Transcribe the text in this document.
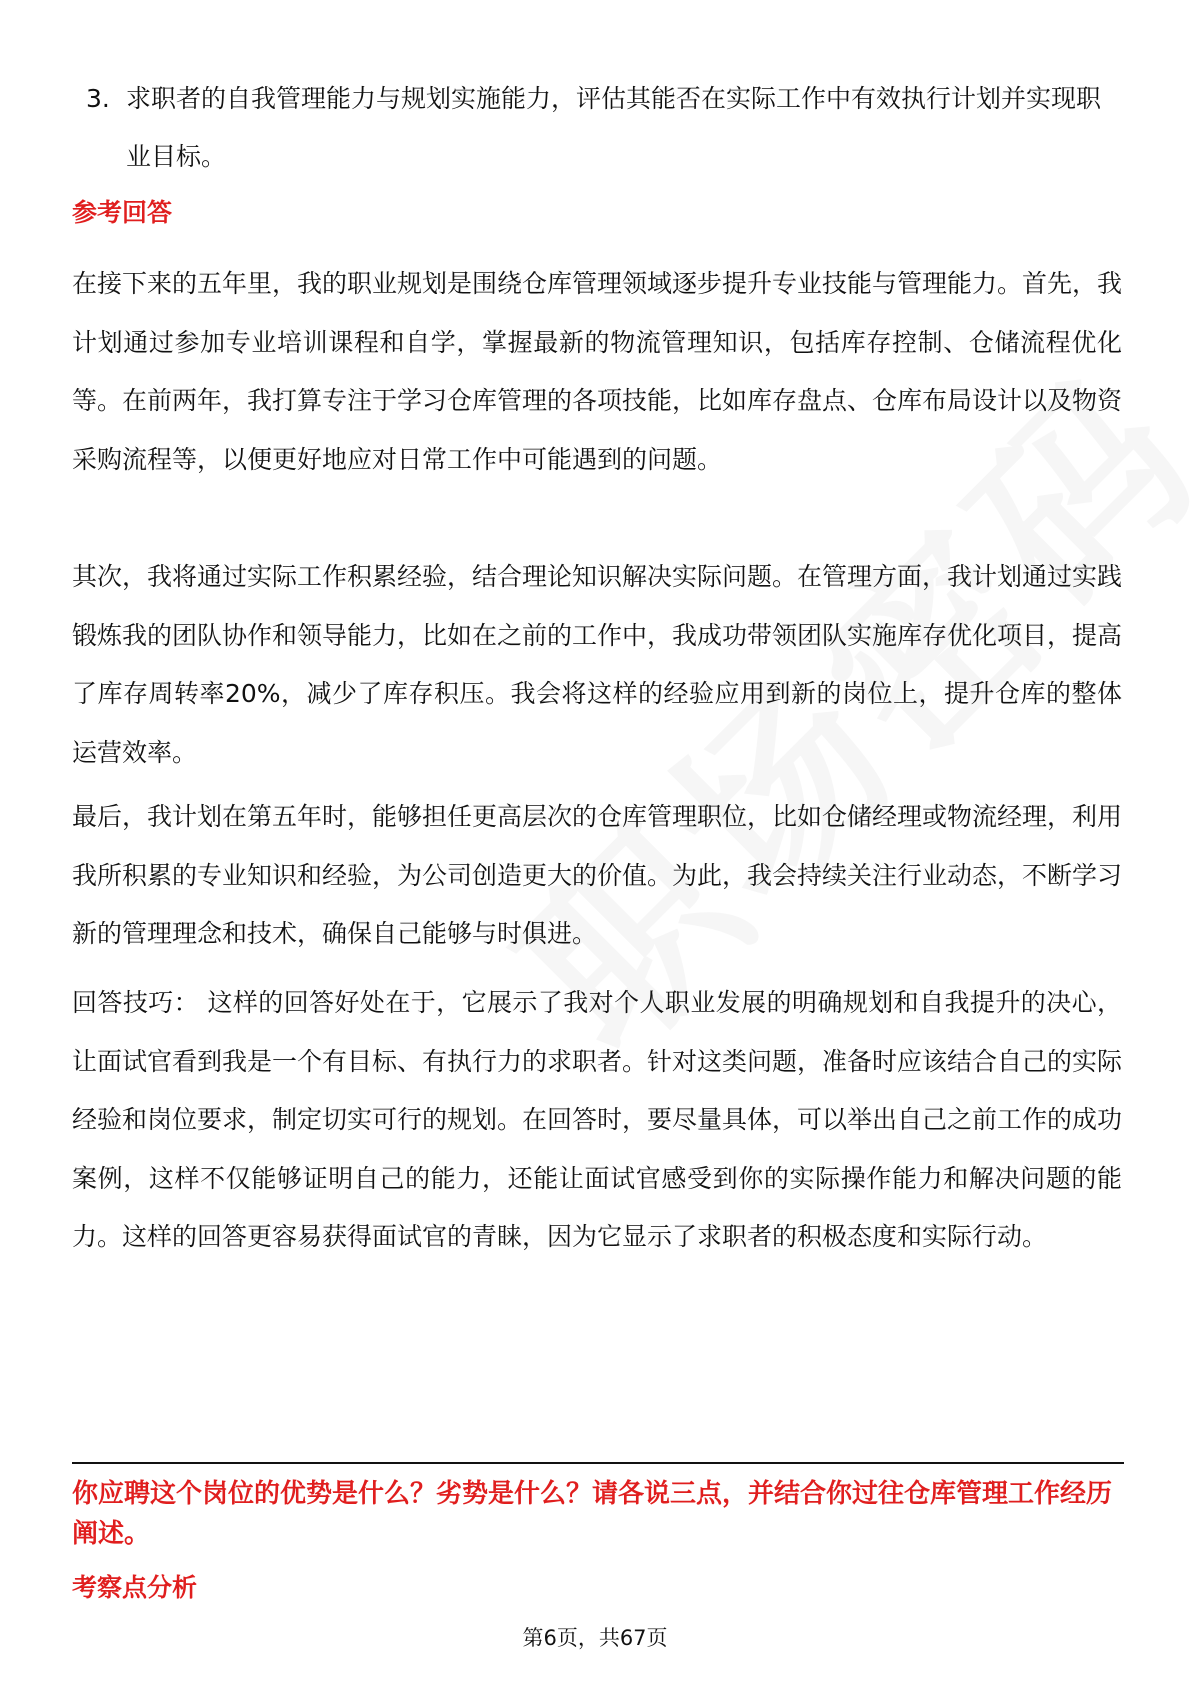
3. 求职者的自我管理能力与规划实施能力，评估其能否在实际工作中有效执行计划并实现职业目标。
参考回答
在接下来的五年里，我的职业规划是围绕仓库管理领域逐步提升专业技能与管理能力。首先，我计划通过参加专业培训课程和自学，掌握最新的物流管理知识，包括库存控制、仓储流程优化等。在前两年，我打算专注于学习仓库管理的各项技能，比如库存盘点、仓库布局设计以及物资采购流程等，以便更好地应对日常工作中可能遇到的问题。
其次，我将通过实际工作积累经验，结合理论知识解决实际问题。在管理方面，我计划通过实践锻炼我的团队协作和领导能力，比如在之前的工作中，我成功带领团队实施库存优化项目，提高了库存周转率20%，减少了库存积压。我会将这样的经验应用到新的岗位上，提升仓库的整体运营效率。
最后，我计划在第五年时，能够担任更高层次的仓库管理职位，比如仓储经理或物流经理，利用我所积累的专业知识和经验，为公司创造更大的价值。为此，我会持续关注行业动态，不断学习新的管理理念和技术，确保自己能够与时俱进。
回答技巧： 这样的回答好处在于，它展示了我对个人职业发展的明确规划和自我提升的决心，让面试官看到我是一个有目标、有执行力的求职者。针对这类问题，准备时应该结合自己的实际经验和岗位要求，制定切实可行的规划。在回答时，要尽量具体，可以举出自己之前工作的成功案例，这样不仅能够证明自己的能力，还能让面试官感受到你的实际操作能力和解决问题的能力。这样的回答更容易获得面试官的青睐，因为它显示了求职者的积极态度和实际行动。
你应聘这个岗位的优势是什么？劣势是什么？请各说三点，并结合你过往仓库管理工作经历阐述。
考察点分析
第6页，共67页
